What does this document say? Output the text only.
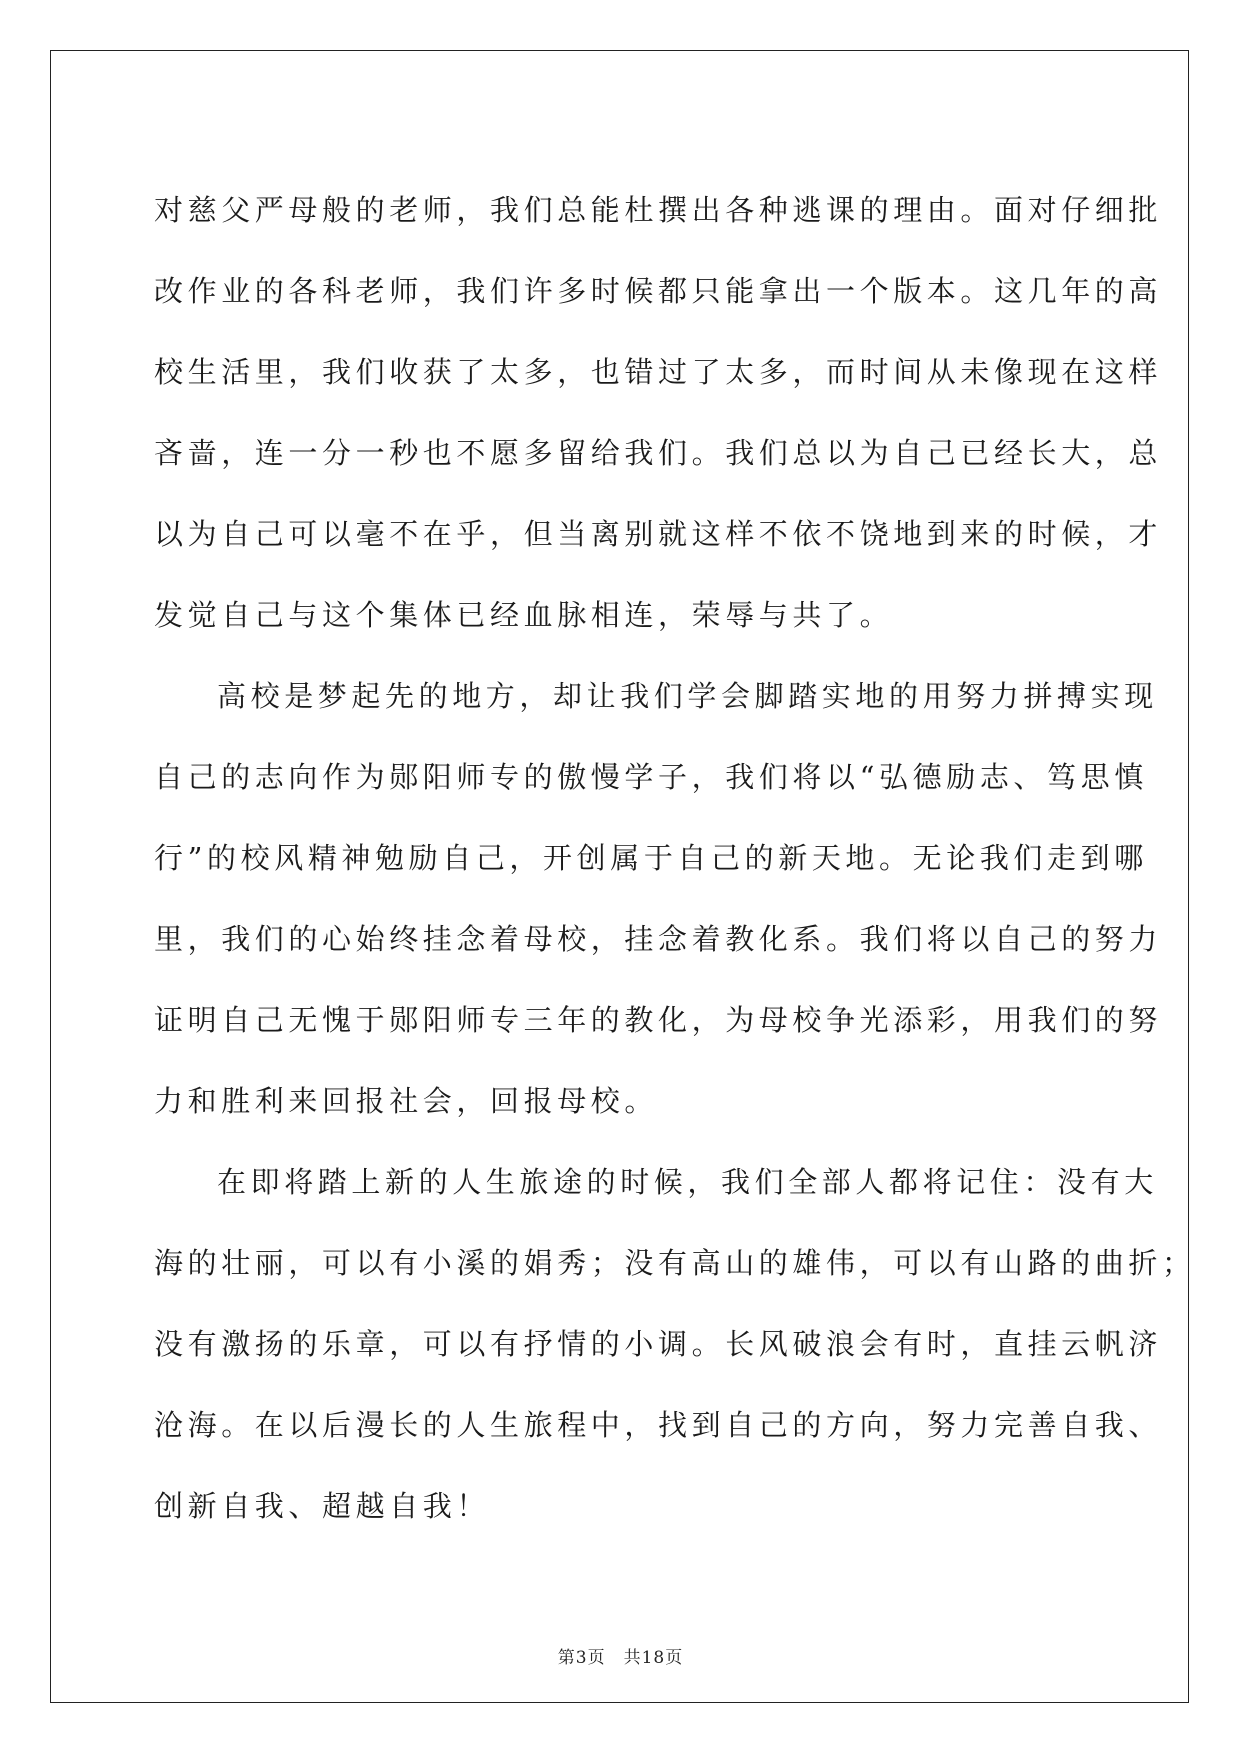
对慈父严母般的老师，我们总能杜撰出各种逃课的理由。面对仔细批
改作业的各科老师，我们许多时候都只能拿出一个版本。这几年的高
校生活里，我们收获了太多，也错过了太多，而时间从未像现在这样
吝啬，连一分一秒也不愿多留给我们。我们总以为自己已经长大，总
以为自己可以毫不在乎，但当离别就这样不依不饶地到来的时候，才
发觉自己与这个集体已经血脉相连，荣辱与共了。
高校是梦起先的地方，却让我们学会脚踏实地的用努力拼搏实现
自己的志向作为郧阳师专的傲慢学子，我们将以“弘德励志、笃思慎
行”的校风精神勉励自己，开创属于自己的新天地。无论我们走到哪
里，我们的心始终挂念着母校，挂念着教化系。我们将以自己的努力
证明自己无愧于郧阳师专三年的教化，为母校争光添彩，用我们的努
力和胜利来回报社会，回报母校。
在即将踏上新的人生旅途的时候，我们全部人都将记住：没有大
海的壮丽，可以有小溪的娟秀；没有高山的雄伟，可以有山路的曲折；
没有激扬的乐章，可以有抒情的小调。长风破浪会有时，直挂云帆济
沧海。在以后漫长的人生旅程中，找到自己的方向，努力完善自我、
创新自我、超越自我！
第3页　共18页
